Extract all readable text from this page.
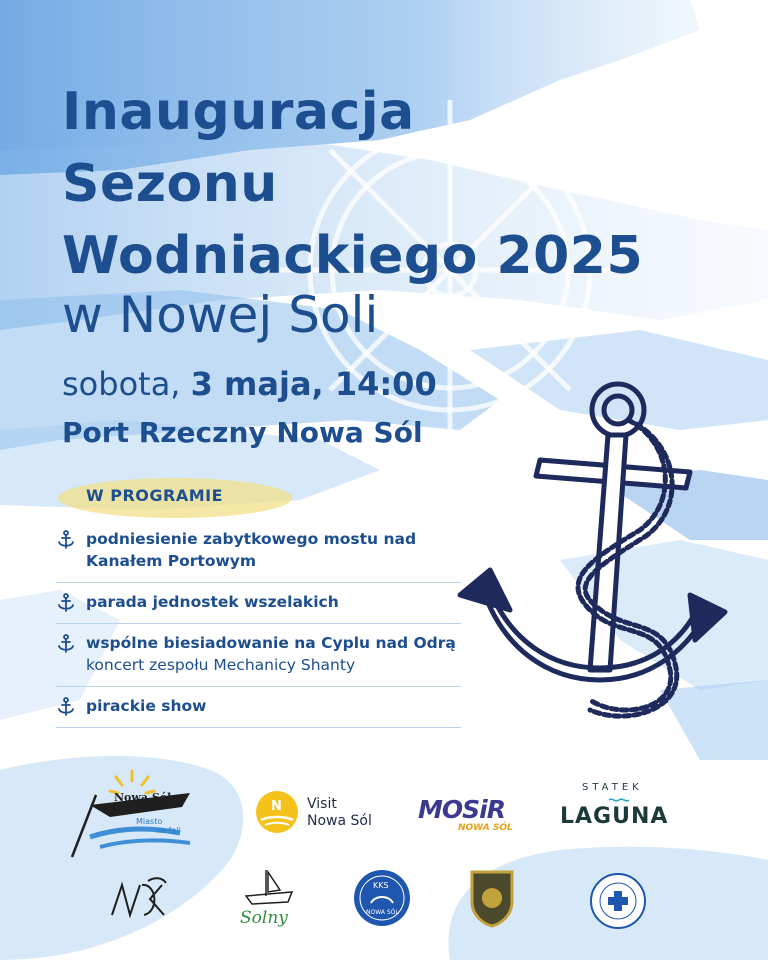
Inauguracja
Sezonu
Wodniackiego 2025
w Nowej Soli
sobota, 3 maja, 14:00
Port Rzeczny Nowa Sól
W PROGRAMIE
podniesienie zabytkowego mostu nad
Kanałem Portowym
parada jednostek wszelakich
wspólne biesiadowanie na Cyplu nad Odrą
koncert zespołu Mechanicy Shanty
pirackie show
Nowa Sól
Miasto
na fali
N Visit
Nowa Sól MOSiR
NOWA SÓL
STATEK
LAGUNA
Solny
KKS
NOWA SÓL
